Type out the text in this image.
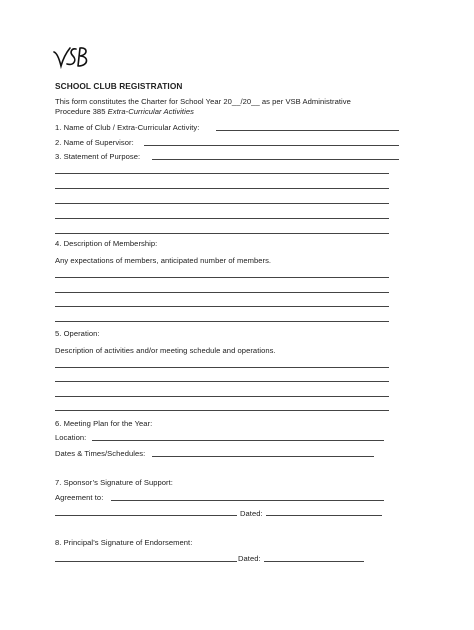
SCHOOL CLUB REGISTRATION
This form constitutes the Charter for School Year 20__/20__ as per VSB Administrative
Procedure 385 Extra-Curricular Activities
1. Name of Club / Extra-Curricular Activity:
2. Name of Supervisor:
3. Statement of Purpose:
4. Description of Membership:
Any expectations of members, anticipated number of members.
5. Operation:
Description of activities and/or meeting schedule and operations.
6. Meeting Plan for the Year:
Location:
Dates & Times/Schedules:
7. Sponsor’s Signature of Support:
Agreement to:
Dated:
8. Principal’s Signature of Endorsement:
Dated:
